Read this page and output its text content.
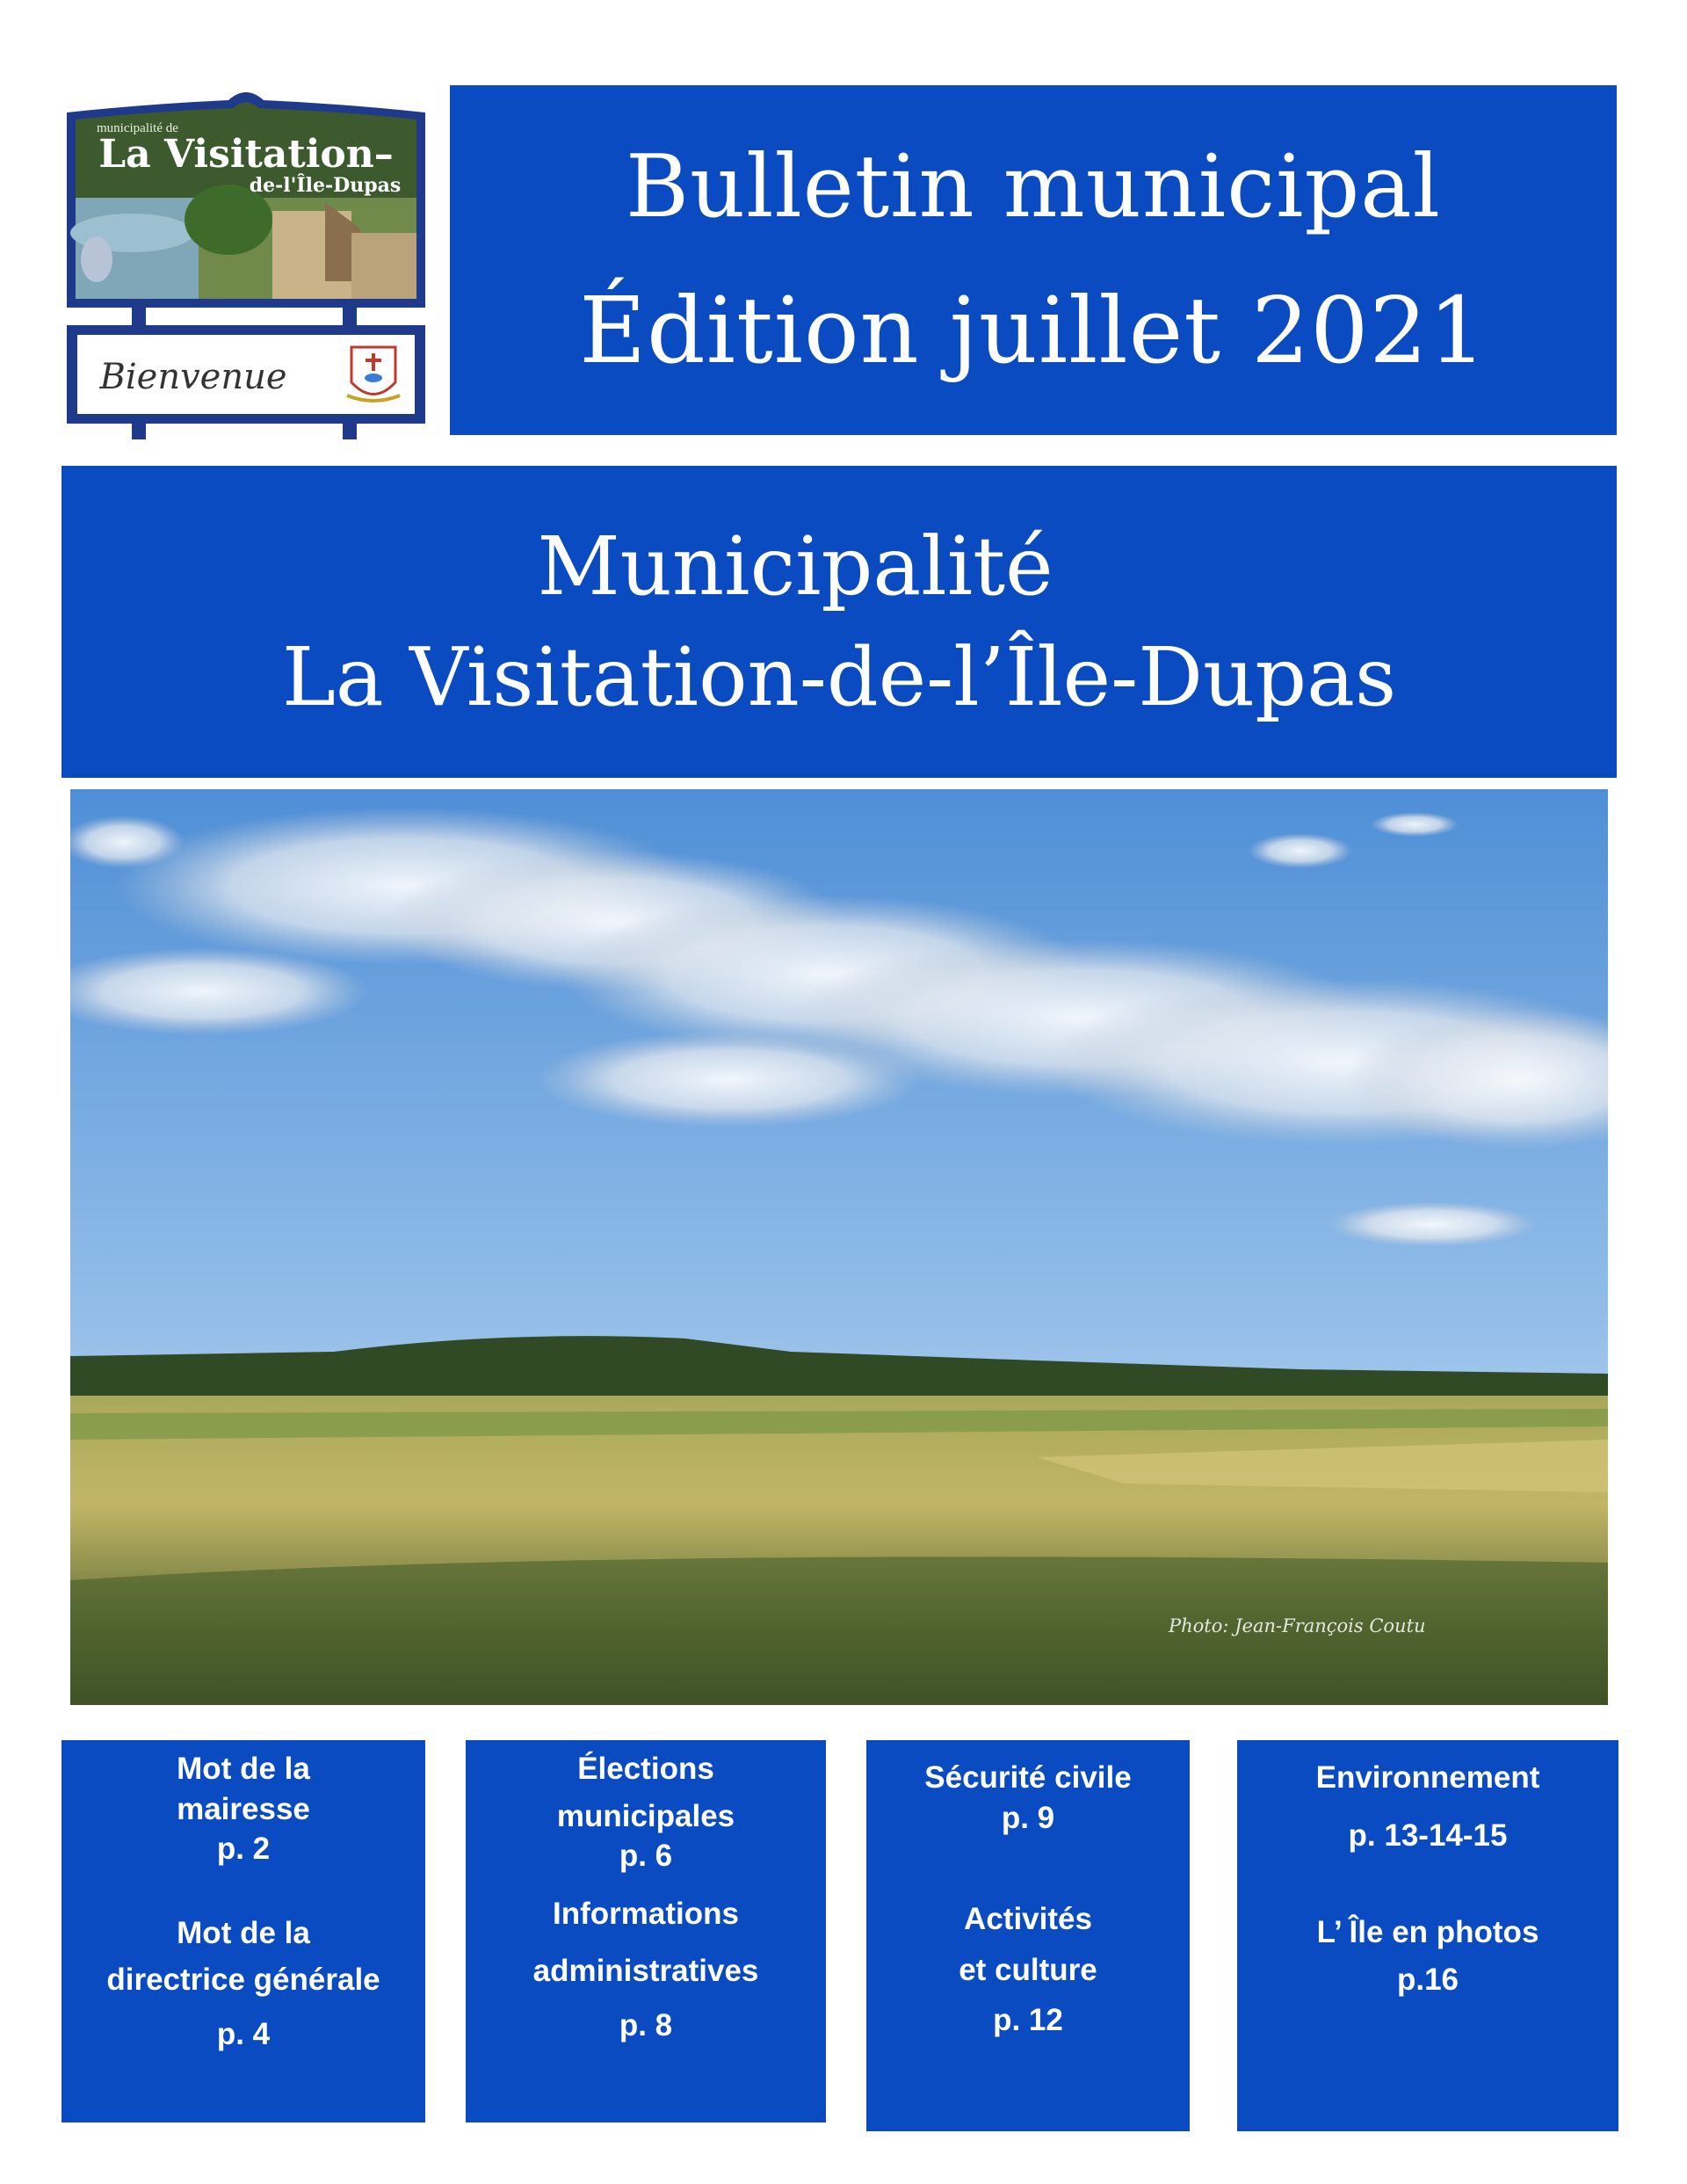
municipalité de
La Visitation–
de-l'Île-Dupas
Bienvenue
Bulletin municipal
Édition juillet 2021
Municipalité
La Visitation-de-l’Île-Dupas
Photo: Jean-François Coutu
Mot de la
mairesse
p. 2
Mot de la
directrice générale
p. 4
Élections
municipales
p. 6
Informations
administratives
p. 8
Sécurité civile
p. 9
Activités
et culture
p. 12
Environnement
p. 13-14-15
L’ Île en photos
p.16
